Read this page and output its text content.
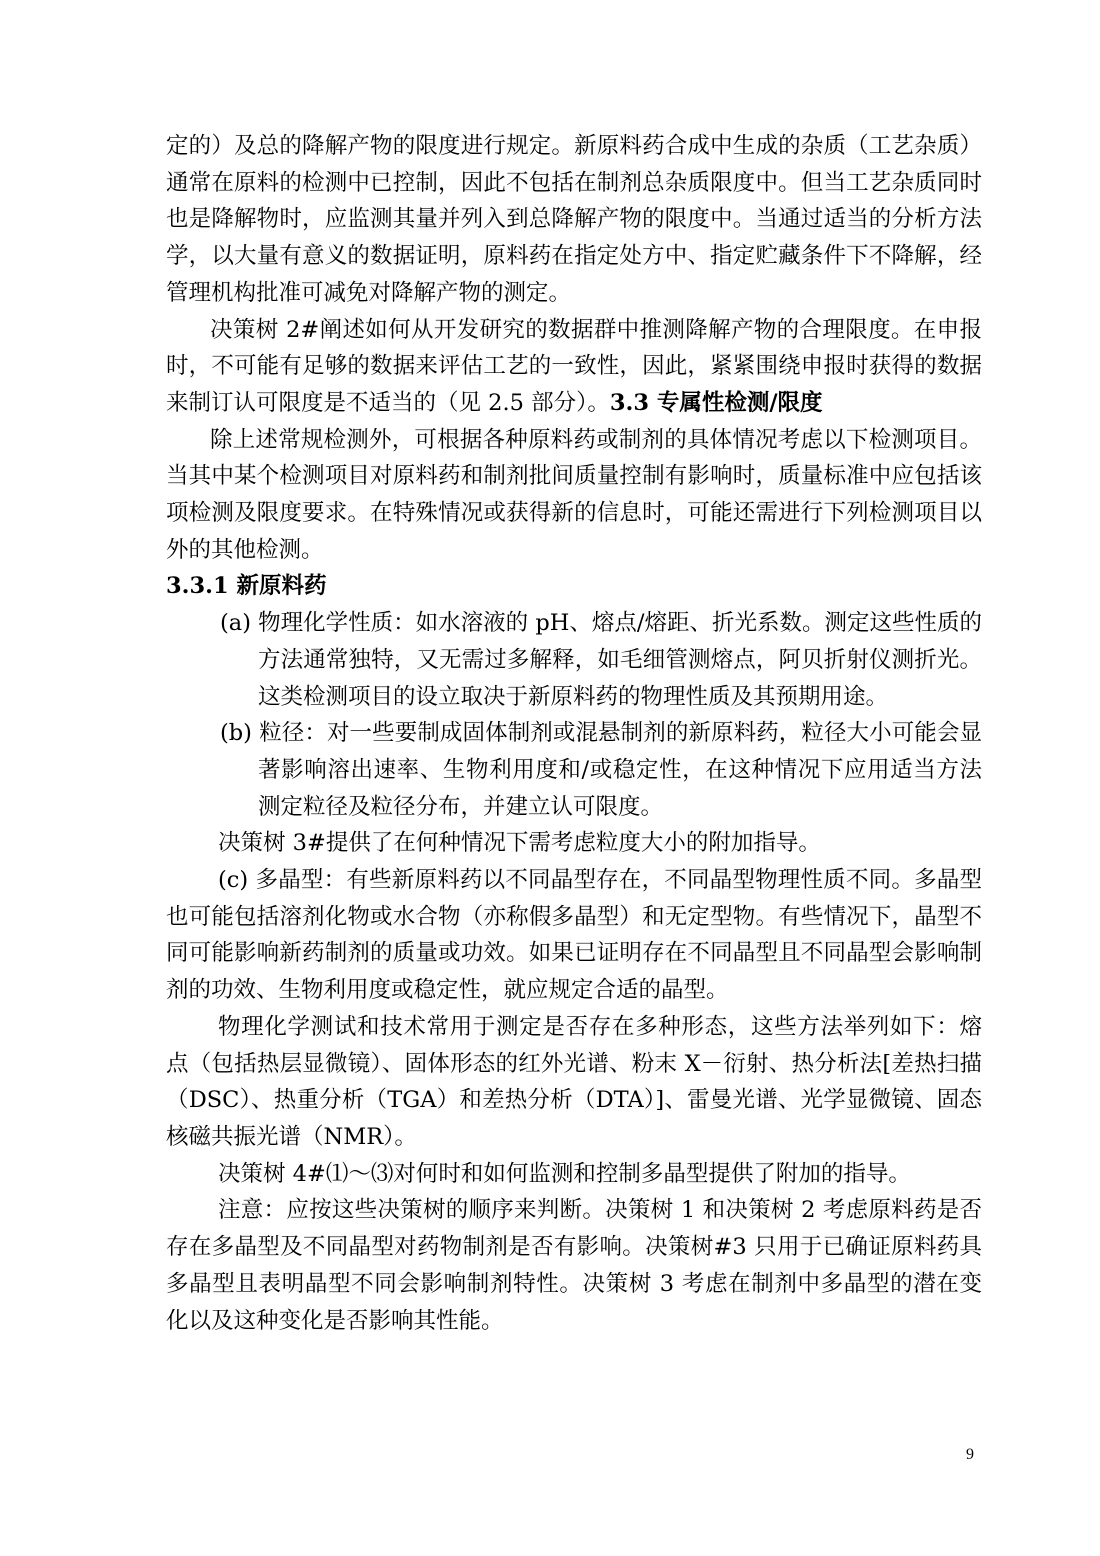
定的）及总的降解产物的限度进行规定。新原料药合成中生成的杂质（工艺杂质）通常在原料的检测中已控制，因此不包括在制剂总杂质限度中。但当工艺杂质同时也是降解物时，应监测其量并列入到总降解产物的限度中。当通过适当的分析方法学，以大量有意义的数据证明，原料药在指定处方中、指定贮藏条件下不降解，经管理机构批准可减免对降解产物的测定。

决策树 2#阐述如何从开发研究的数据群中推测降解产物的合理限度。在申报时，不可能有足够的数据来评估工艺的一致性，因此，紧紧围绕申报时获得的数据来制订认可限度是不适当的（见 2.5 部分）。3.3 专属性检测/限度

除上述常规检测外，可根据各种原料药或制剂的具体情况考虑以下检测项目。当其中某个检测项目对原料药和制剂批间质量控制有影响时，质量标准中应包括该项检测及限度要求。在特殊情况或获得新的信息时，可能还需进行下列检测项目以外的其他检测。

3.3.1 新原料药

(a) 物理化学性质：如水溶液的 pH、熔点/熔距、折光系数。测定这些性质的方法通常独特，又无需过多解释，如毛细管测熔点，阿贝折射仪测折光。这类检测项目的设立取决于新原料药的物理性质及其预期用途。

(b) 粒径：对一些要制成固体制剂或混悬制剂的新原料药，粒径大小可能会显著影响溶出速率、生物利用度和/或稳定性，在这种情况下应用适当方法测定粒径及粒径分布，并建立认可限度。

决策树 3#提供了在何种情况下需考虑粒度大小的附加指导。

(c) 多晶型：有些新原料药以不同晶型存在，不同晶型物理性质不同。多晶型也可能包括溶剂化物或水合物（亦称假多晶型）和无定型物。有些情况下，晶型不同可能影响新药制剂的质量或功效。如果已证明存在不同晶型且不同晶型会影响制剂的功效、生物利用度或稳定性，就应规定合适的晶型。

物理化学测试和技术常用于测定是否存在多种形态，这些方法举列如下：熔点（包括热层显微镜）、固体形态的红外光谱、粉末 X－衍射、热分析法[差热扫描（DSC）、热重分析（TGA）和差热分析（DTA）]、雷曼光谱、光学显微镜、固态核磁共振光谱（NMR）。

决策树 4#⑴～⑶对何时和如何监测和控制多晶型提供了附加的指导。

注意：应按这些决策树的顺序来判断。决策树 1 和决策树 2 考虑原料药是否存在多晶型及不同晶型对药物制剂是否有影响。决策树#3 只用于已确证原料药具多晶型且表明晶型不同会影响制剂特性。决策树 3 考虑在制剂中多晶型的潜在变化以及这种变化是否影响其性能。

9
